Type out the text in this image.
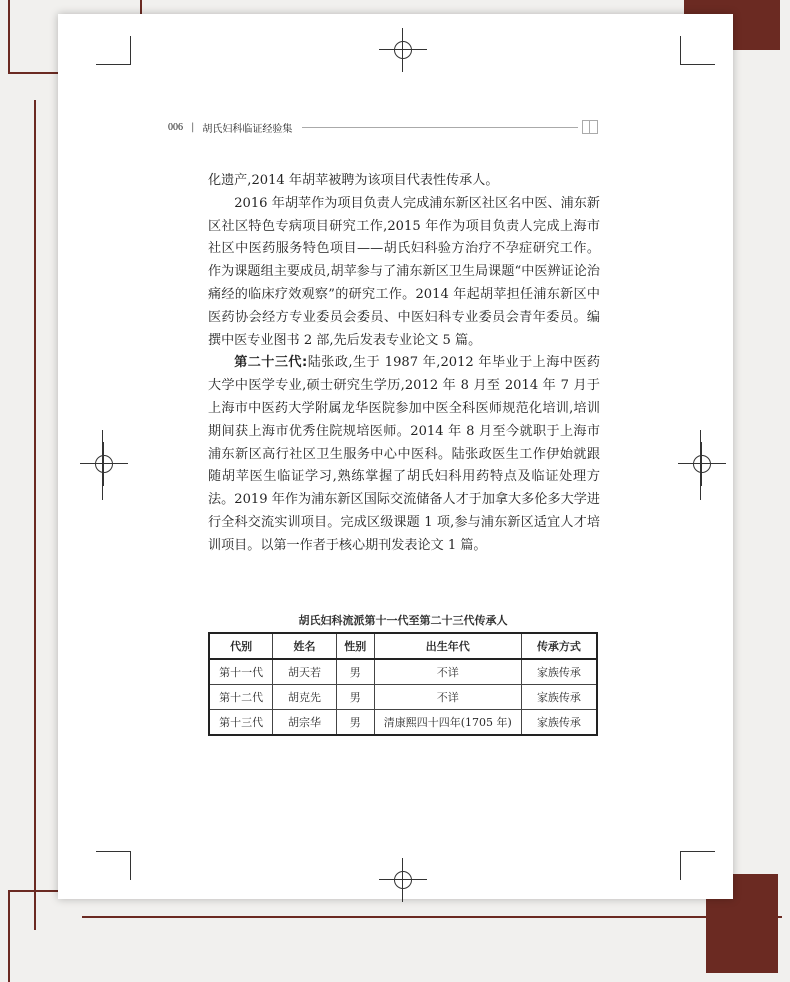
006 | 胡氏妇科临证经验集

化遗产,2014 年胡苹被聘为该项目代表性传承人。

2016 年胡苹作为项目负责人完成浦东新区社区名中医、浦东新区社区特色专病项目研究工作,2015 年作为项目负责人完成上海市社区中医药服务特色项目——胡氏妇科验方治疗不孕症研究工作。作为课题组主要成员,胡苹参与了浦东新区卫生局课题“中医辨证论治痛经的临床疗效观察”的研究工作。2014 年起胡苹担任浦东新区中医药协会经方专业委员会委员、中医妇科专业委员会青年委员。编撰中医专业图书 2 部,先后发表专业论文 5 篇。

第二十三代:陆张政,生于 1987 年,2012 年毕业于上海中医药大学中医学专业,硕士研究生学历,2012 年 8 月至 2014 年 7 月于上海市中医药大学附属龙华医院参加中医全科医师规范化培训,培训期间获上海市优秀住院规培医师。2014 年 8 月至今就职于上海市浦东新区高行社区卫生服务中心中医科。陆张政医生工作伊始就跟随胡苹医生临证学习,熟练掌握了胡氏妇科用药特点及临证处理方法。2019 年作为浦东新区国际交流储备人才于加拿大多伦多大学进行全科交流实训项目。完成区级课题 1 项,参与浦东新区适宜人才培训项目。以第一作者于核心期刊发表论文 1 篇。

胡氏妇科流派第十一代至第二十三代传承人
代别	姓名	性别	出生年代	传承方式
第十一代	胡天若	男	不详	家族传承
第十二代	胡克先	男	不详	家族传承
第十三代	胡宗华	男	清康熙四十四年(1705 年)	家族传承
